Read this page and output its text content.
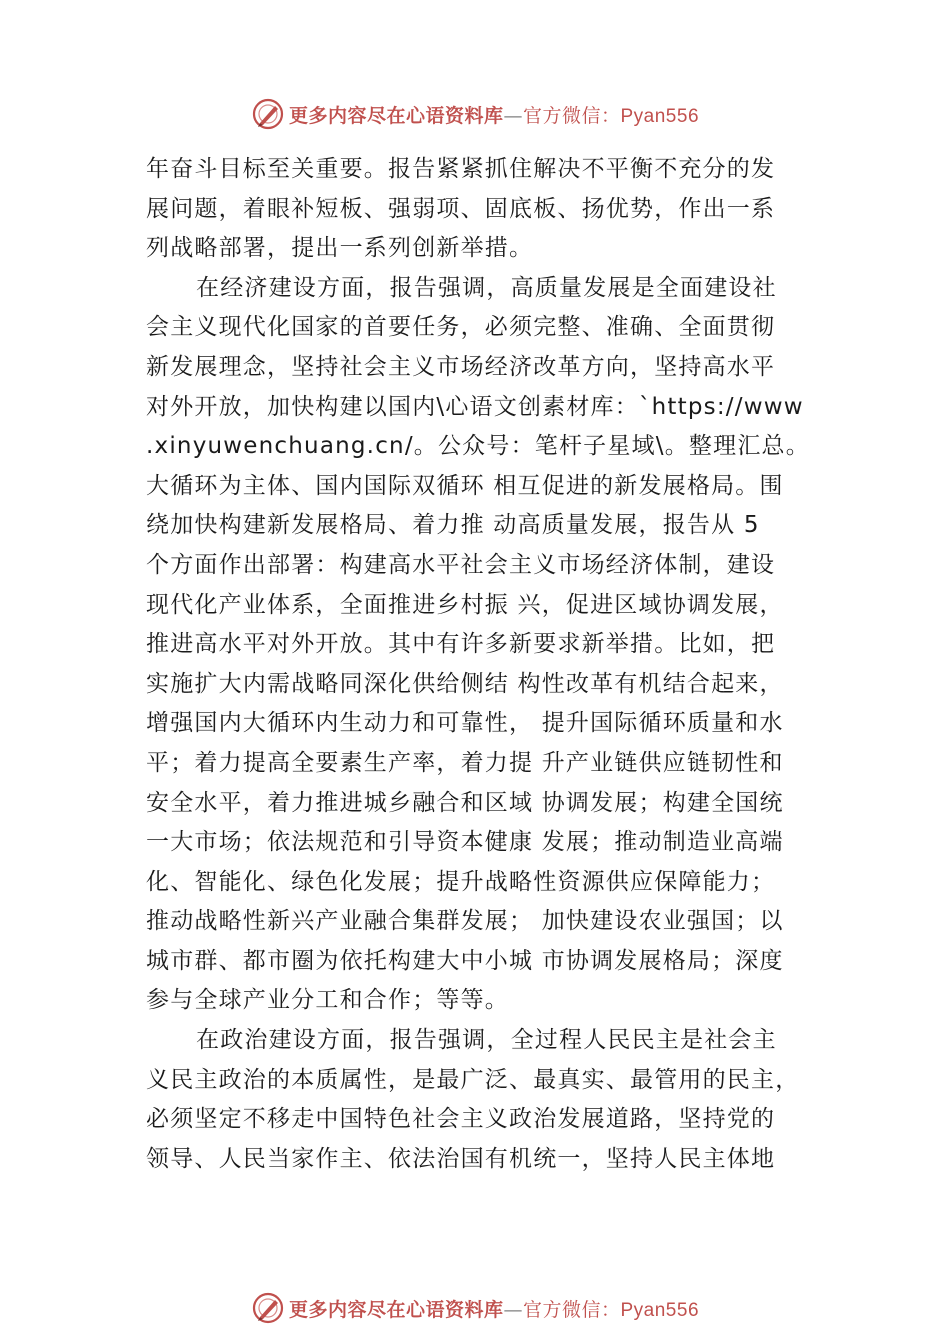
更多内容尽在心语资料库—官方微信：Pyan556
年奋斗目标至关重要。报告紧紧抓住解决不平衡不充分的发
展问题，着眼补短板、强弱项、固底板、扬优势，作出一系
列战略部署，提出一系列创新举措。
在经济建设方面，报告强调，高质量发展是全面建设社
会主义现代化国家的首要任务，必须完整、准确、全面贯彻
新发展理念，坚持社会主义市场经济改革方向，坚持高水平
对外开放，加快构建以国内\心语文创素材库：`https://www
.xinyuwenchuang.cn/。公众号：笔杆子星域\。整理汇总。
大循环为主体、国内国际双循环 相互促进的新发展格局。围
绕加快构建新发展格局、着力推 动高质量发展，报告从 5
个方面作出部署：构建高水平社会主义市场经济体制，建设
现代化产业体系，全面推进乡村振 兴，促进区域协调发展，
推进高水平对外开放。其中有许多新要求新举措。比如，把
实施扩大内需战略同深化供给侧结 构性改革有机结合起来，
增强国内大循环内生动力和可靠性， 提升国际循环质量和水
平；着力提高全要素生产率，着力提 升产业链供应链韧性和
安全水平，着力推进城乡融合和区域 协调发展；构建全国统
一大市场；依法规范和引导资本健康 发展；推动制造业高端
化、智能化、绿色化发展；提升战略性资源供应保障能力；
推动战略性新兴产业融合集群发展； 加快建设农业强国；以
城市群、都市圈为依托构建大中小城 市协调发展格局；深度
参与全球产业分工和合作；等等。
在政治建设方面，报告强调，全过程人民民主是社会主
义民主政治的本质属性，是最广泛、最真实、最管用的民主，
必须坚定不移走中国特色社会主义政治发展道路，坚持党的
领导、人民当家作主、依法治国有机统一，坚持人民主体地
更多内容尽在心语资料库—官方微信：Pyan556
